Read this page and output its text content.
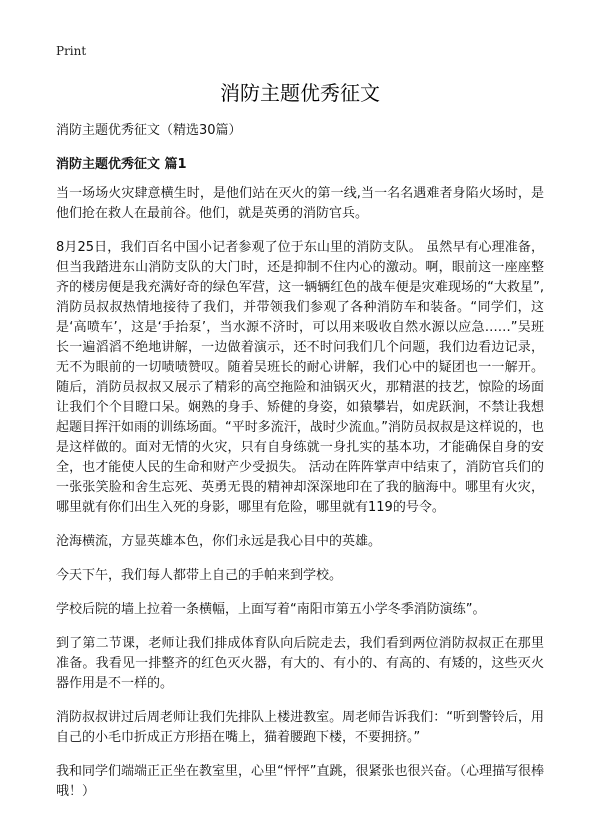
Print
消防主题优秀征文
消防主题优秀征文（精选30篇）
消防主题优秀征文 篇1

当一场场火灾肆意横生时，是他们站在灭火的第一线,当一名名遇难者身陷火场时，是他们抢在救人在最前谷。他们，就是英勇的消防官兵。

8月25日，我们百名中国小记者参观了位于东山里的消防支队。 虽然早有心理准备，但当我踏进东山消防支队的大门时，还是抑制不住内心的激动。啊，眼前这一座座整齐的楼房便是我充满好奇的绿色军营，这一辆辆红色的战车便是灾难现场的“大救星”,消防员叔叔热情地接待了我们，并带领我们参观了各种消防车和装备。“同学们，这是‘高喷车’，这是‘手抬泵’，当水源不济时，可以用来吸收自然水源以应急……”吴班长一遍滔滔不绝地讲解，一边做着演示，还不时问我们几个问题，我们边看边记录，无不为眼前的一切啧啧赞叹。随着吴班长的耐心讲解，我们心中的疑团也一一解开。随后，消防员叔叔又展示了精彩的高空拖险和油锅灭火，那精湛的技艺，惊险的场面让我们个个目瞪口呆。娴熟的身手、矫健的身姿，如猿攀岩，如虎跃涧，不禁让我想起题目挥汗如雨的训练场面。“平时多流汗，战时少流血。”消防员叔叔是这样说的，也是这样做的。面对无情的火灾，只有自身练就一身扎实的基本功，才能确保自身的安全，也才能使人民的生命和财产少受损失。 活动在阵阵掌声中结束了，消防官兵们的一张张笑脸和舍生忘死、英勇无畏的精神却深深地印在了我的脑海中。哪里有火灾，哪里就有你们出生入死的身影，哪里有危险，哪里就有119的号令。

沧海横流，方显英雄本色，你们永远是我心目中的英雄。

今天下午，我们每人都带上自己的手帕来到学校。

学校后院的墙上拉着一条横幅，上面写着“南阳市第五小学冬季消防演练”。

到了第二节课，老师让我们排成体育队向后院走去，我们看到两位消防叔叔正在那里准备。我看见一排整齐的红色灭火器，有大的、有小的、有高的、有矮的，这些灭火器作用是不一样的。

消防叔叔讲过后周老师让我们先排队上楼进教室。周老师告诉我们：“听到警铃后，用自己的小毛巾折成正方形捂在嘴上，猫着腰跑下楼，不要拥挤。”

我和同学们端端正正坐在教室里，心里“怦怦”直跳，很紧张也很兴奋。（心理描写很棒哦！）
